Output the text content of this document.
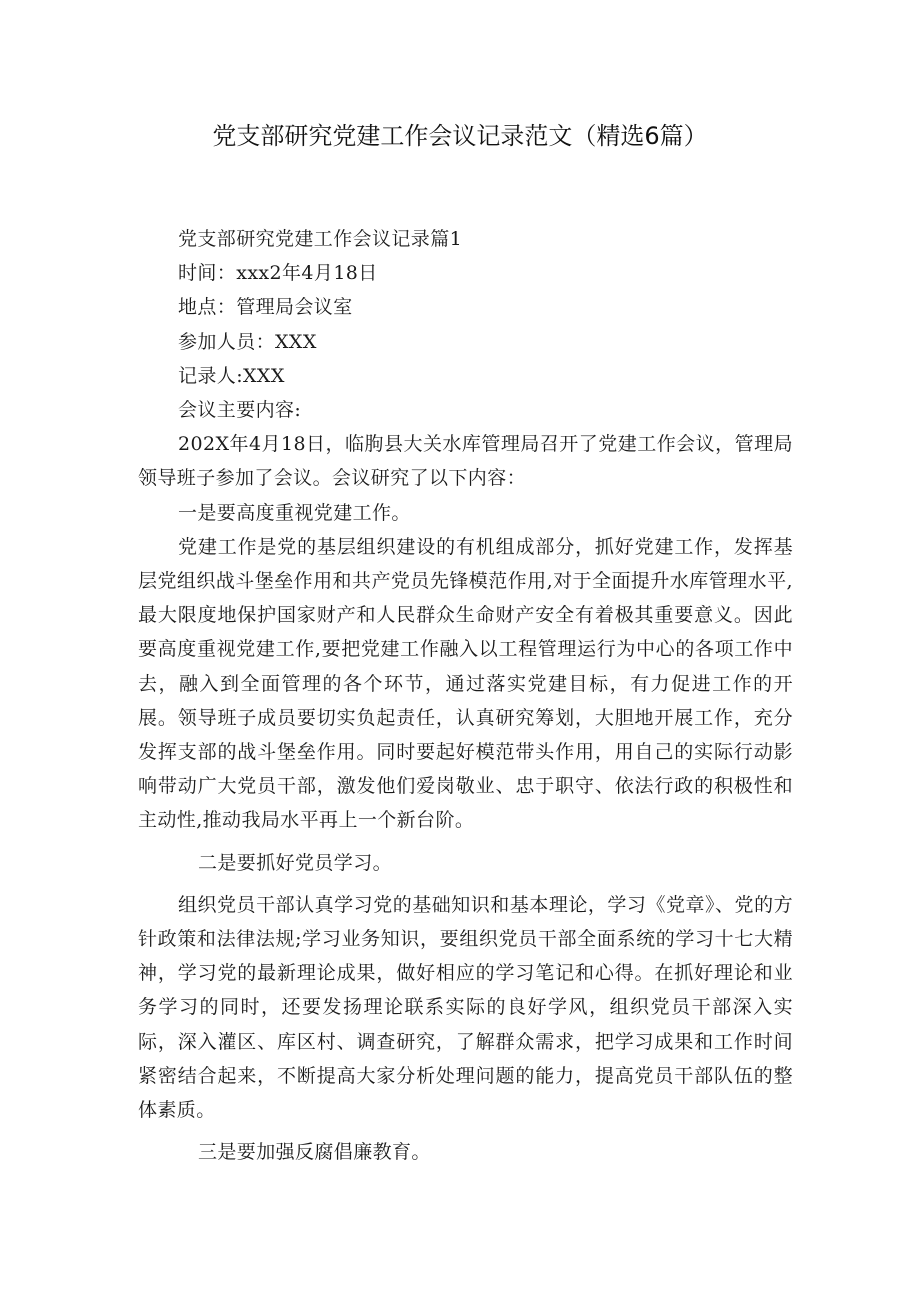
党支部研究党建工作会议记录范文（精选6篇）

党支部研究党建工作会议记录篇1

时间：xxx2年4月18日

地点：管理局会议室

参加人员：XXX

记录人:XXX

会议主要内容:

202X年4月18日，临朐县大关水库管理局召开了党建工作会议，管理局领导班子参加了会议。会议研究了以下内容：

一是要高度重视党建工作。

党建工作是党的基层组织建设的有机组成部分，抓好党建工作，发挥基层党组织战斗堡垒作用和共产党员先锋模范作用,对于全面提升水库管理水平,最大限度地保护国家财产和人民群众生命财产安全有着极其重要意义。因此要高度重视党建工作,要把党建工作融入以工程管理运行为中心的各项工作中去，融入到全面管理的各个环节，通过落实党建目标，有力促进工作的开展。领导班子成员要切实负起责任，认真研究筹划，大胆地开展工作，充分发挥支部的战斗堡垒作用。同时要起好模范带头作用，用自己的实际行动影响带动广大党员干部，激发他们爱岗敬业、忠于职守、依法行政的积极性和主动性,推动我局水平再上一个新台阶。

二是要抓好党员学习。

组织党员干部认真学习党的基础知识和基本理论，学习《党章》、党的方针政策和法律法规;学习业务知识，要组织党员干部全面系统的学习十七大精神，学习党的最新理论成果，做好相应的学习笔记和心得。在抓好理论和业务学习的同时，还要发扬理论联系实际的良好学风，组织党员干部深入实际，深入灌区、库区村、调查研究，了解群众需求，把学习成果和工作时间紧密结合起来，不断提高大家分析处理问题的能力，提高党员干部队伍的整体素质。

三是要加强反腐倡廉教育。
